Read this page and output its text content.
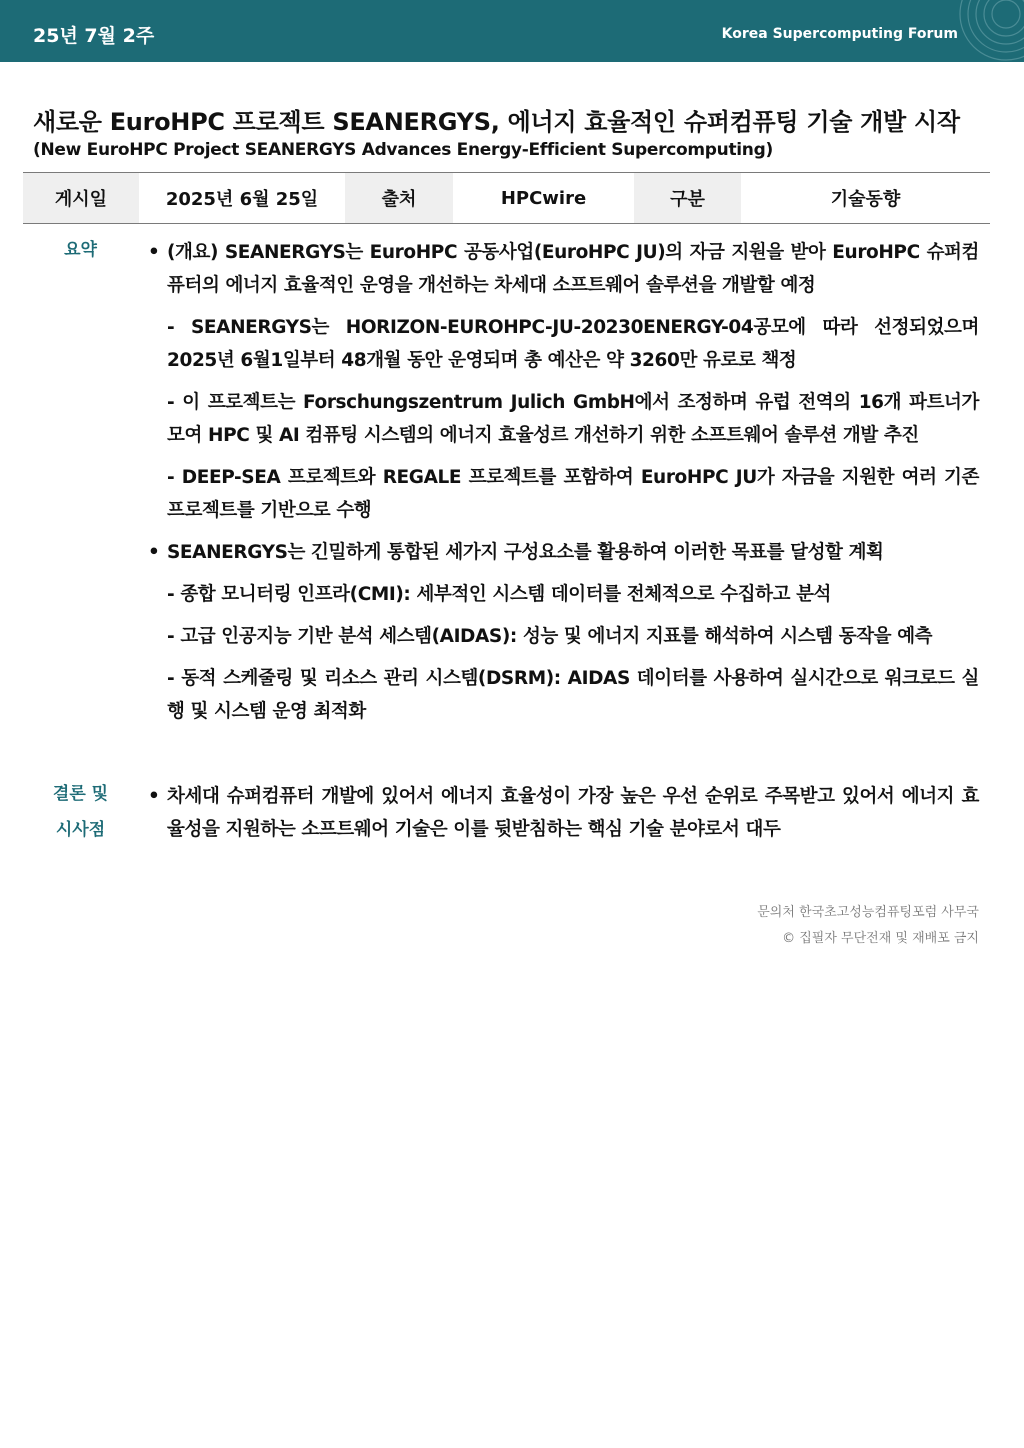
25년 7월 2주	Korea Supercomputing Forum
새로운 EuroHPC 프로젝트 SEANERGYS, 에너지 효율적인 슈퍼컴퓨팅 기술 개발 시작
(New EuroHPC Project SEANERGYS Advances Energy-Efficient Supercomputing)
게시일	2025년 6월 25일	출처	HPCwire	구분	기술동향
요약
•	(개요) SEANERGYS는 EuroHPC 공동사업(EuroHPC JU)의 자금 지원을 받아 EuroHPC 슈퍼컴퓨터의 에너지 효율적인 운영을 개선하는 차세대 소프트웨어 솔루션을 개발할 예정
- SEANERGYS는 HORIZON-EUROHPC-JU-20230ENERGY-04공모에 따라 선정되었으며 2025년 6월1일부터 48개월 동안 운영되며 총 예산은 약 3260만 유로로 책정
- 이 프로젝트는 Forschungszentrum Julich GmbH에서 조정하며 유럽 전역의 16개 파트너가 모여 HPC 및 AI 컴퓨팅 시스템의 에너지 효율성르 개선하기 위한 소프트웨어 솔루션 개발 추진
- DEEP-SEA 프로젝트와 REGALE 프로젝트를 포함하여 EuroHPC JU가 자금을 지원한 여러 기존 프로젝트를 기반으로 수행
• SEANERGYS는 긴밀하게 통합된 세가지 구성요소를 활용하여 이러한 목표를 달성할 계획
- 종합 모니터링 인프라(CMI): 세부적인 시스템 데이터를 전체적으로 수집하고 분석
- 고급 인공지능 기반 분석 세스템(AIDAS): 성능 및 에너지 지표를 해석하여 시스템 동작을 예측
- 동적 스케줄링 및 리소스 관리 시스템(DSRM): AIDAS 데이터를 사용하여 실시간으로 워크로드 실행 및 시스템 운영 최적화
결론 및
시사점
• 차세대 슈퍼컴퓨터 개발에 있어서 에너지 효율성이 가장 높은 우선 순위로 주목받고 있어서 에너지 효율성을 지원하는 소프트웨어 기술은 이를 뒷받침하는 핵심 기술 분야로서 대두
문의처 한국초고성능컴퓨팅포럼 사무국
© 집필자 무단전재 및 재배포 금지
